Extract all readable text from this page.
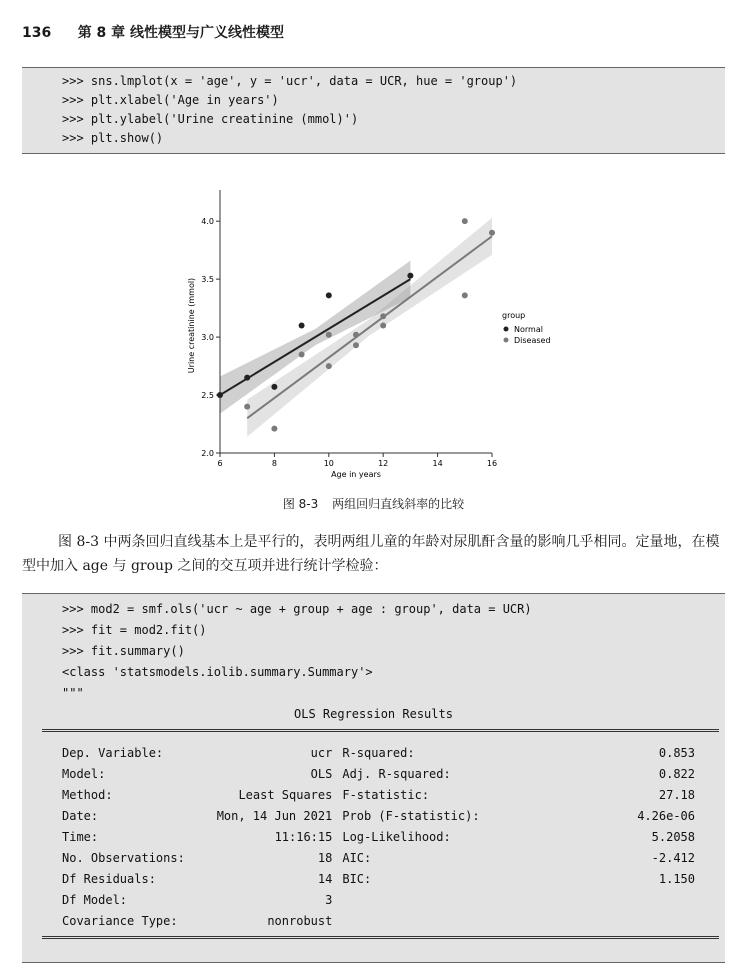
136 第 8 章 线性模型与广义线性模型
>>> sns.lmplot(x = 'age', y = 'ucr', data = UCR, hue = 'group')
>>> plt.xlabel('Age in years')
>>> plt.ylabel('Urine creatinine (mmol)')
>>> plt.show()
6	8	10	12	14	16
2.0
2.5
3.0
3.5
4.0
Age in years
Urine creatinine (mmol)	group
Normal
Diseased
图 8-3 两组回归直线斜率的比较

图 8-3 中两条回归直线基本上是平行的，表明两组儿童的年龄对尿肌酐含量的影响几乎相同。定量地，在模型中加入 age 与 group 之间的交互项并进行统计学检验：

>>> mod2 = smf.ols('ucr ~ age + group + age : group', data = UCR)
>>> fit = mod2.fit()
>>> fit.summary()
<class 'statsmodels.iolib.summary.Summary'>
"""
OLS Regression Results
Dep. Variable:	ucr R-squared:	0.853
Model:	OLS Adj. R-squared:	0.822
Method:	Least Squares F-statistic:	27.18
Date:	Mon, 14 Jun 2021 Prob (F-statistic):	4.26e-06
Time:	11:16:15 Log-Likelihood:	5.2058
No. Observations:	18 AIC:	-2.412
Df Residuals:	14 BIC:	1.150
Df Model:	3
Covariance Type:	nonrobust
